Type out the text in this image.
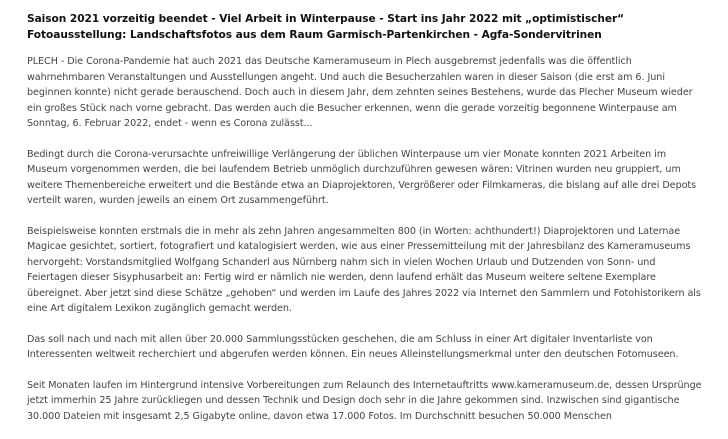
Saison 2021 vorzeitig beendet - Viel Arbeit in Winterpause - Start ins Jahr 2022 mit „optimistischer“ Fotoausstellung: Landschaftsfotos aus dem Raum Garmisch-Partenkirchen - Agfa-Sondervitrinen

PLECH - Die Corona-Pandemie hat auch 2021 das Deutsche Kameramuseum in Plech ausgebremst jedenfalls was die öffentlich wahrnehmbaren Veranstaltungen und Ausstellungen angeht. Und auch die Besucherzahlen waren in dieser Saison (die erst am 6. Juni beginnen konnte) nicht gerade berauschend. Doch auch in diesem Jahr, dem zehnten seines Bestehens, wurde das Plecher Museum wieder ein großes Stück nach vorne gebracht. Das werden auch die Besucher erkennen, wenn die gerade vorzeitig begonnene Winterpause am Sonntag, 6. Februar 2022, endet - wenn es Corona zulässt...

Bedingt durch die Corona-verursachte unfreiwillige Verlängerung der üblichen Winterpause um vier Monate konnten 2021 Arbeiten im Museum vorgenommen werden, die bei laufendem Betrieb unmöglich durchzuführen gewesen wären: Vitrinen wurden neu gruppiert, um weitere Themenbereiche erweitert und die Bestände etwa an Diaprojektoren, Vergrößerer oder Filmkameras, die bislang auf alle drei Depots verteilt waren, wurden jeweils an einem Ort zusammengeführt.

Beispielsweise konnten erstmals die in mehr als zehn Jahren angesammelten 800 (in Worten: achthundert!) Diaprojektoren und Laternae Magicae gesichtet, sortiert, fotografiert und katalogisiert werden, wie aus einer Pressemitteilung mit der Jahresbilanz des Kameramuseums hervorgeht: Vorstandsmitglied Wolfgang Schanderl aus Nürnberg nahm sich in vielen Wochen Urlaub und Dutzenden von Sonn- und Feiertagen dieser Sisyphusarbeit an: Fertig wird er nämlich nie werden, denn laufend erhält das Museum weitere seltene Exemplare übereignet. Aber jetzt sind diese Schätze „gehoben“ und werden im Laufe des Jahres 2022 via Internet den Sammlern und Fotohistorikern als eine Art digitalem Lexikon zugänglich gemacht werden.

Das soll nach und nach mit allen über 20.000 Sammlungsstücken geschehen, die am Schluss in einer Art digitaler Inventarliste von Interessenten weltweit recherchiert und abgerufen werden können. Ein neues Alleinstellungsmerkmal unter den deutschen Fotomuseen.

Seit Monaten laufen im Hintergrund intensive Vorbereitungen zum Relaunch des Internetauftritts www.kameramuseum.de, dessen Ursprünge jetzt immerhin 25 Jahre zurückliegen und dessen Technik und Design doch sehr in die Jahre gekommen sind. Inzwischen sind gigantische 30.000 Dateien mit insgesamt 2,5 Gigabyte online, davon etwa 17.000 Fotos. Im Durchschnitt besuchen 50.000 Menschen
